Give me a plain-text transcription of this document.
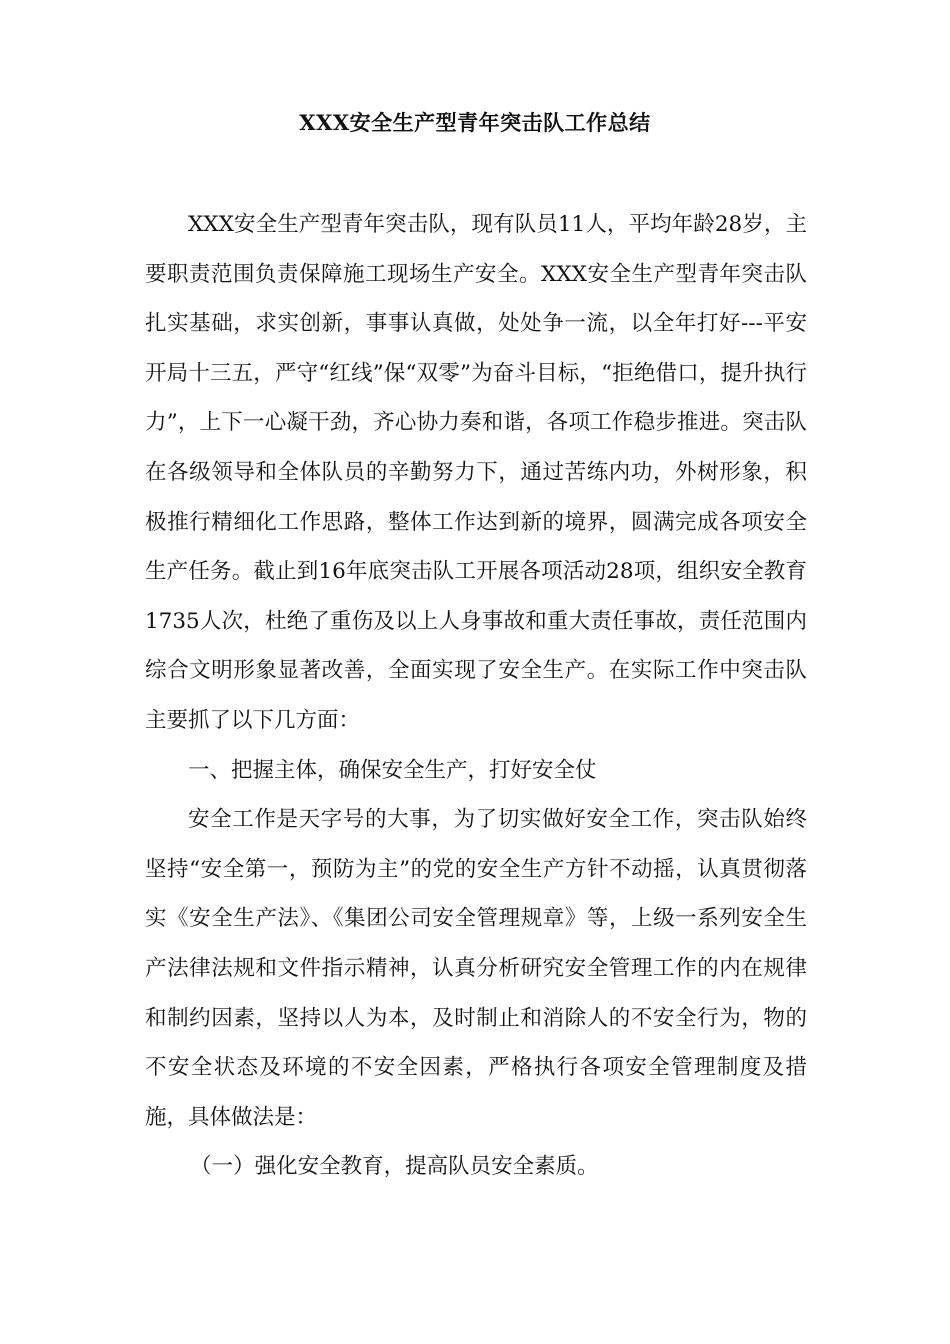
XXX安全生产型青年突击队工作总结

XXX安全生产型青年突击队，现有队员11人，平均年龄28岁，主要职责范围负责保障施工现场生产安全。XXX安全生产型青年突击队扎实基础，求实创新，事事认真做，处处争一流，以全年打好---平安开局十三五，严守“红线”保“双零”为奋斗目标，“拒绝借口，提升执行力”，上下一心凝干劲，齐心协力奏和谐，各项工作稳步推进。突击队在各级领导和全体队员的辛勤努力下，通过苦练内功，外树形象，积极推行精细化工作思路，整体工作达到新的境界，圆满完成各项安全生产任务。截止到16年底突击队工开展各项活动28项，组织安全教育1735人次，杜绝了重伤及以上人身事故和重大责任事故，责任范围内综合文明形象显著改善，全面实现了安全生产。在实际工作中突击队主要抓了以下几方面：

一、把握主体，确保安全生产，打好安全仗

安全工作是天字号的大事，为了切实做好安全工作，突击队始终坚持“安全第一，预防为主”的党的安全生产方针不动摇，认真贯彻落实《安全生产法》、《集团公司安全管理规章》等，上级一系列安全生产法律法规和文件指示精神，认真分析研究安全管理工作的内在规律和制约因素，坚持以人为本，及时制止和消除人的不安全行为，物的不安全状态及环境的不安全因素，严格执行各项安全管理制度及措施，具体做法是：

（一）强化安全教育，提高队员安全素质。
